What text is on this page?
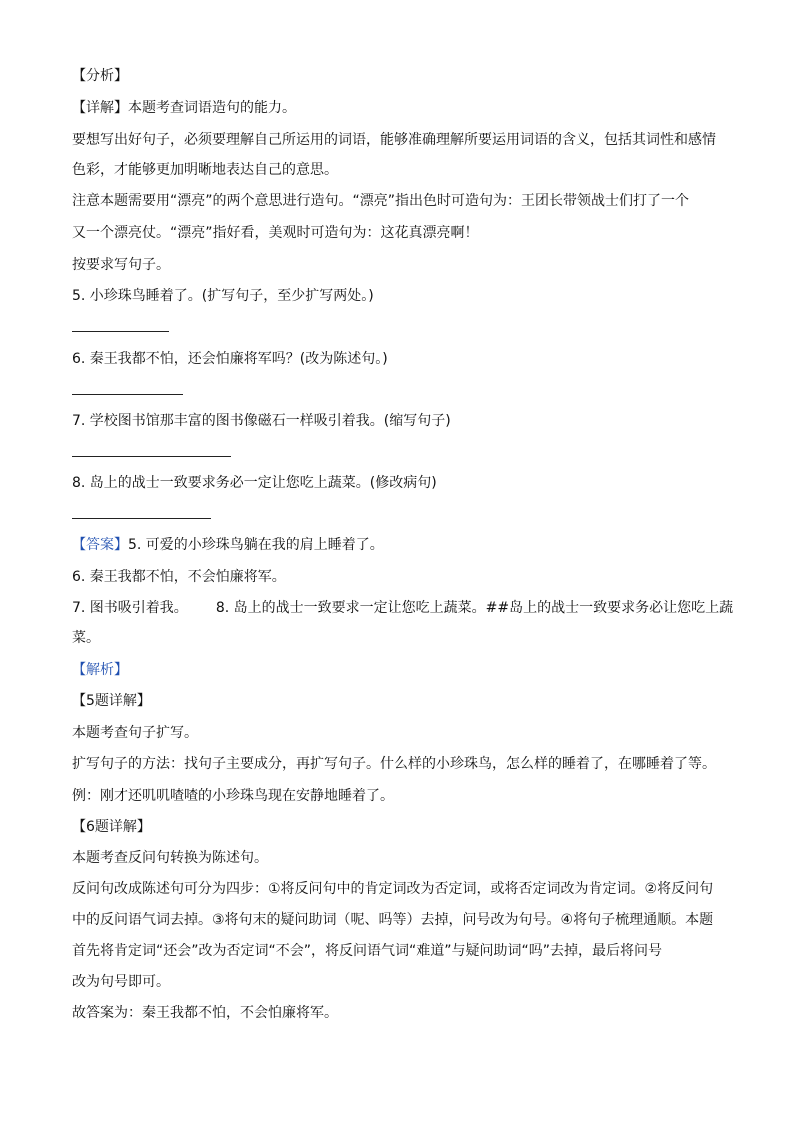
【分析】
【详解】本题考查词语造句的能力。
要想写出好句子，必须要理解自己所运用的词语，能够准确理解所要运用词语的含义，包括其词性和感情
色彩，才能够更加明晰地表达自己的意思。
注意本题需要用“漂亮”的两个意思进行造句。“漂亮”指出色时可造句为：王团长带领战士们打了一个
又一个漂亮仗。“漂亮”指好看，美观时可造句为：这花真漂亮啊！
按要求写句子。
5. 小珍珠鸟睡着了。(扩写句子，至少扩写两处。)
6. 秦王我都不怕，还会怕廉将军吗？(改为陈述句。)
7. 学校图书馆那丰富的图书像磁石一样吸引着我。(缩写句子)
8. 岛上的战士一致要求务必一定让您吃上蔬菜。(修改病句)
【答案】5. 可爱的小珍珠鸟躺在我的肩上睡着了。
6. 秦王我都不怕，不会怕廉将军。
7. 图书吸引着我。 8. 岛上的战士一致要求一定让您吃上蔬菜。##岛上的战士一致要求务必让您吃上蔬
菜。
【解析】
【5题详解】
本题考查句子扩写。
扩写句子的方法：找句子主要成分，再扩写句子。什么样的小珍珠鸟，怎么样的睡着了，在哪睡着了等。
例：刚才还叽叽喳喳的小珍珠鸟现在安静地睡着了。
【6题详解】
本题考查反问句转换为陈述句。
反问句改成陈述句可分为四步：①将反问句中的肯定词改为否定词，或将否定词改为肯定词。②将反问句
中的反问语气词去掉。③将句末的疑问助词（呢、吗等）去掉，问号改为句号。④将句子梳理通顺。本题
首先将肯定词“还会”改为否定词“不会”，将反问语气词“难道”与疑问助词“吗”去掉，最后将问号
改为句号即可。
故答案为：秦王我都不怕，不会怕廉将军。
